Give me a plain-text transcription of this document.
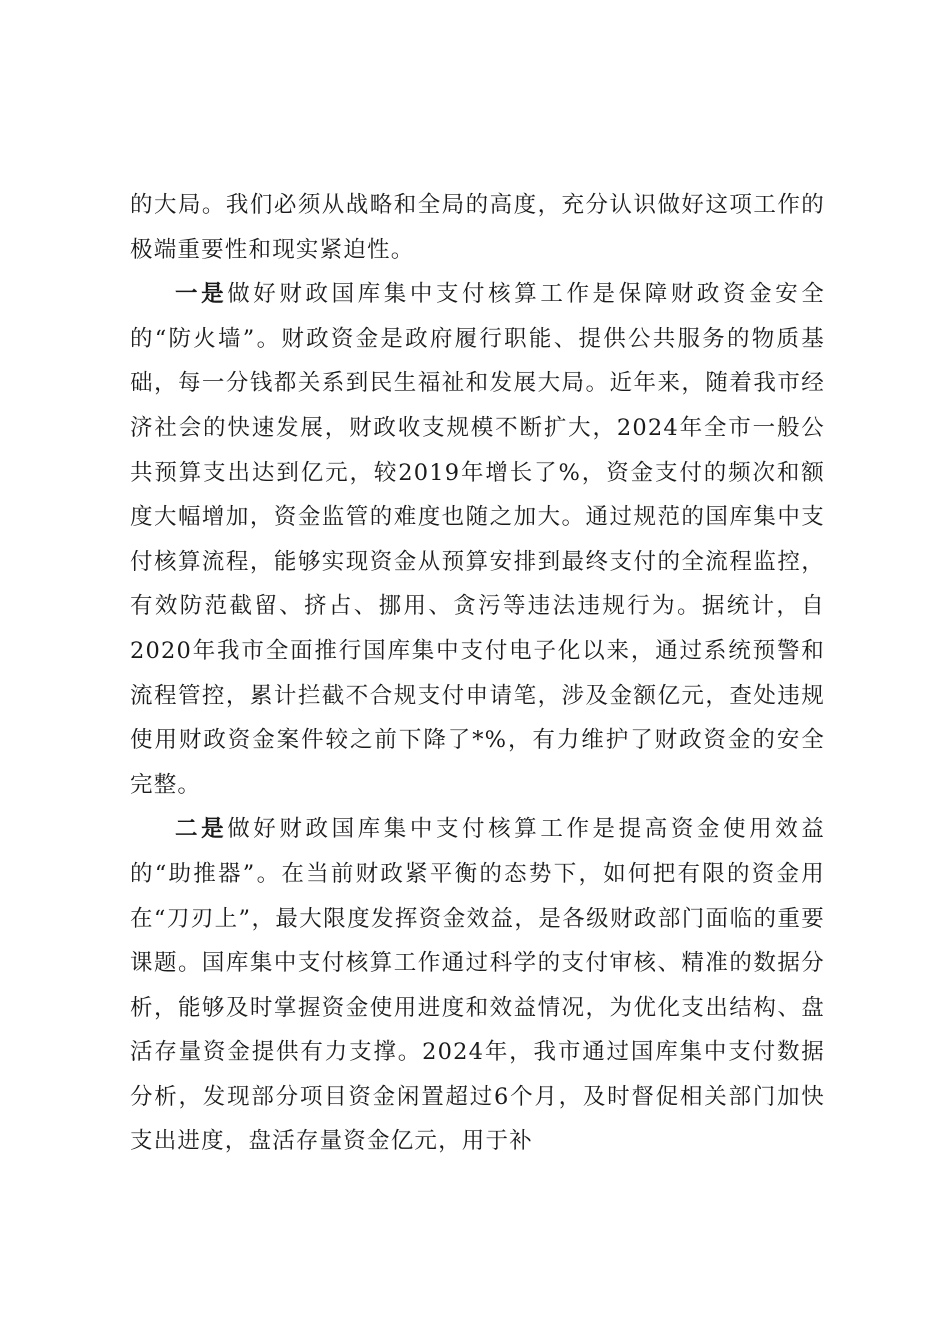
的大局。我们必须从战略和全局的高度，充分认识做好这项工作的极端重要性和现实紧迫性。

一是做好财政国库集中支付核算工作是保障财政资金安全的“防火墙”。财政资金是政府履行职能、提供公共服务的物质基础，每一分钱都关系到民生福祉和发展大局。近年来，随着我市经济社会的快速发展，财政收支规模不断扩大，2024年全市一般公共预算支出达到亿元，较2019年增长了%，资金支付的频次和额度大幅增加，资金监管的难度也随之加大。通过规范的国库集中支付核算流程，能够实现资金从预算安排到最终支付的全流程监控，有效防范截留、挤占、挪用、贪污等违法违规行为。据统计，自2020年我市全面推行国库集中支付电子化以来，通过系统预警和流程管控，累计拦截不合规支付申请笔，涉及金额亿元，查处违规使用财政资金案件较之前下降了*%，有力维护了财政资金的安全完整。

二是做好财政国库集中支付核算工作是提高资金使用效益的“助推器”。在当前财政紧平衡的态势下，如何把有限的资金用在“刀刃上”，最大限度发挥资金效益，是各级财政部门面临的重要课题。国库集中支付核算工作通过科学的支付审核、精准的数据分析，能够及时掌握资金使用进度和效益情况，为优化支出结构、盘活存量资金提供有力支撑。2024年，我市通过国库集中支付数据分析，发现部分项目资金闲置超过6个月，及时督促相关部门加快支出进度，盘活存量资金亿元，用于补
